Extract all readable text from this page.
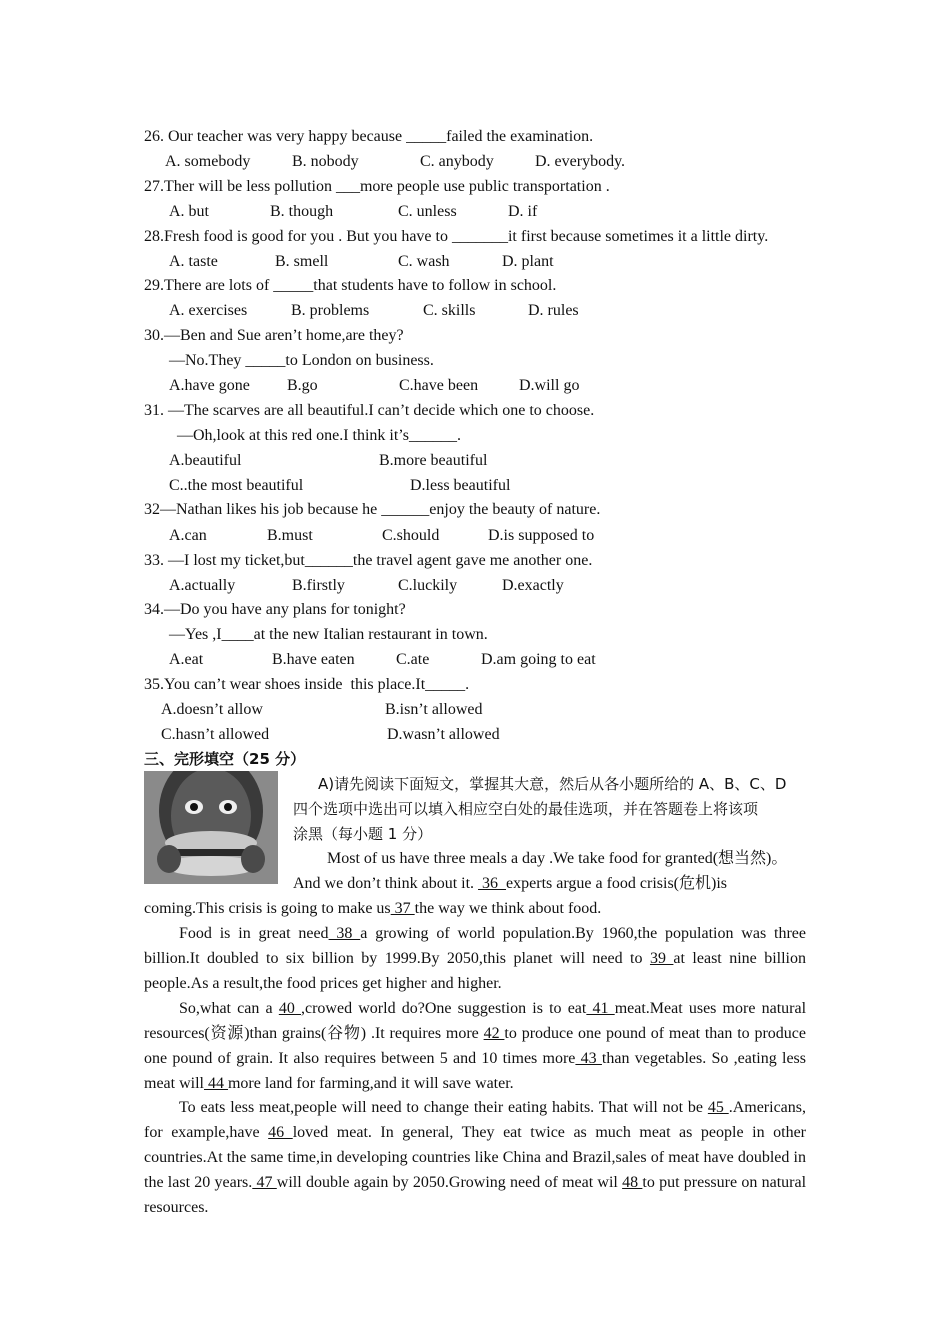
26. Our teacher was very happy because _____failed the examination.
A. somebody	B. nobody	C. anybody	D. everybody.
27.Ther will be less pollution ___more people use public transportation .
A. but	B. though	C. unless	D. if
28.Fresh food is good for you . But you have to _______it first because sometimes it a little dirty.
A. taste	B. smell	C. wash	D. plant
29.There are lots of _____that students have to follow in school.
A. exercises	B. problems	C. skills	D. rules
30.—Ben and Sue aren’t home,are they?
—No.They _____to London on business.
A.have gone B.go	C.have been	D.will go
31. —The scarves are all beautiful.I can’t decide which one to choose.
—Oh,look at this red one.I think it’s______.
A.beautiful	B.more beautiful
C..the most beautiful	D.less beautiful
32—Nathan likes his job because he ______enjoy the beauty of nature.
A.can	B.must	C.should	D.is supposed to
33. —I lost my ticket,but______the travel agent gave me another one.
A.actually	B.firstly	C.luckily	D.exactly
34.—Do you have any plans for tonight?
—Yes ,I____at the new Italian restaurant in town.
A.eat	B.have eaten	C.ate	D.am going to eat
35.You can’t wear shoes inside  this place.It_____.
A.doesn’t allow	B.isn’t allowed
C.hasn’t allowed	D.wasn’t allowed
三、完形填空（25 分）
A)请先阅读下面短文，掌握其大意，然后从各小题所给的 A、B、C、D
四个选项中选出可以填入相应空白处的最佳选项，并在答题卷上将该项
涂黑（每小题 1 分）
Most of us have three meals a day .We take food for granted(想当然)。
And we don’t think about it.  36  experts argue a food crisis(危机)is
coming.This crisis is going to make us 37 the way we think about food.
Food is in great need 38 a growing of world population.By 1960,the population was three billion.It doubled to six billion by 1999.By 2050,this planet will need to 39 at least nine billion people.As a result,the food prices get higher and higher.
So,what can a 40 ,crowed world do?One suggestion is to eat 41 meat.Meat uses more natural resources(资源)than grains(谷物) .It requires more 42 to produce one pound of meat than to produce one pound of grain. It also requires between 5 and 10 times more 43 than vegetables. So ,eating less meat will 44 more land for farming,and it will save water.
To eats less meat,people will need to change their eating habits. That will not be 45 .Americans, for example,have 46 loved meat. In general, They eat twice as much meat as people in other countries.At the same time,in developing countries like China and Brazil,sales of meat have doubled in the last 20 years. 47 will double again by 2050.Growing need of meat wil 48 to put pressure on natural resources.
